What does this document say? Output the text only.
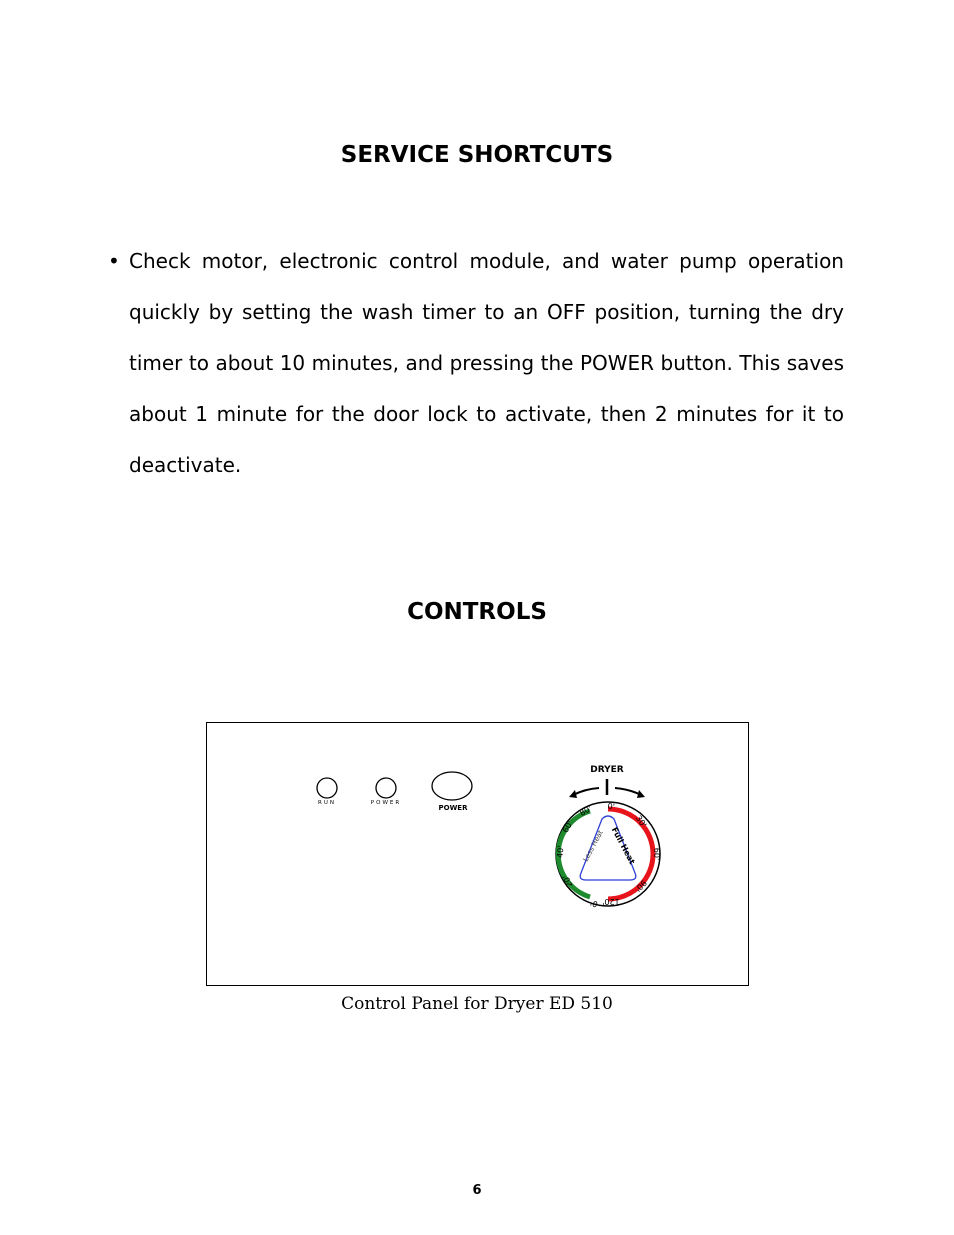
SERVICE SHORTCUTS
• Check motor, electronic control module, and water pump operation quickly by setting the wash timer to an OFF position, turning the dry timer to about 10 minutes, and pressing the POWER button. This saves about 1 minute for the door lock to activate, then 2 minutes for it to deactivate.

CONTROLS
RUN	POWER
POWER
DRYER
Less Heat Full Heat
0'
20'
40'
60'
80' 0'
30'
60'
90'
120'
Control Panel for Dryer ED 510
6
